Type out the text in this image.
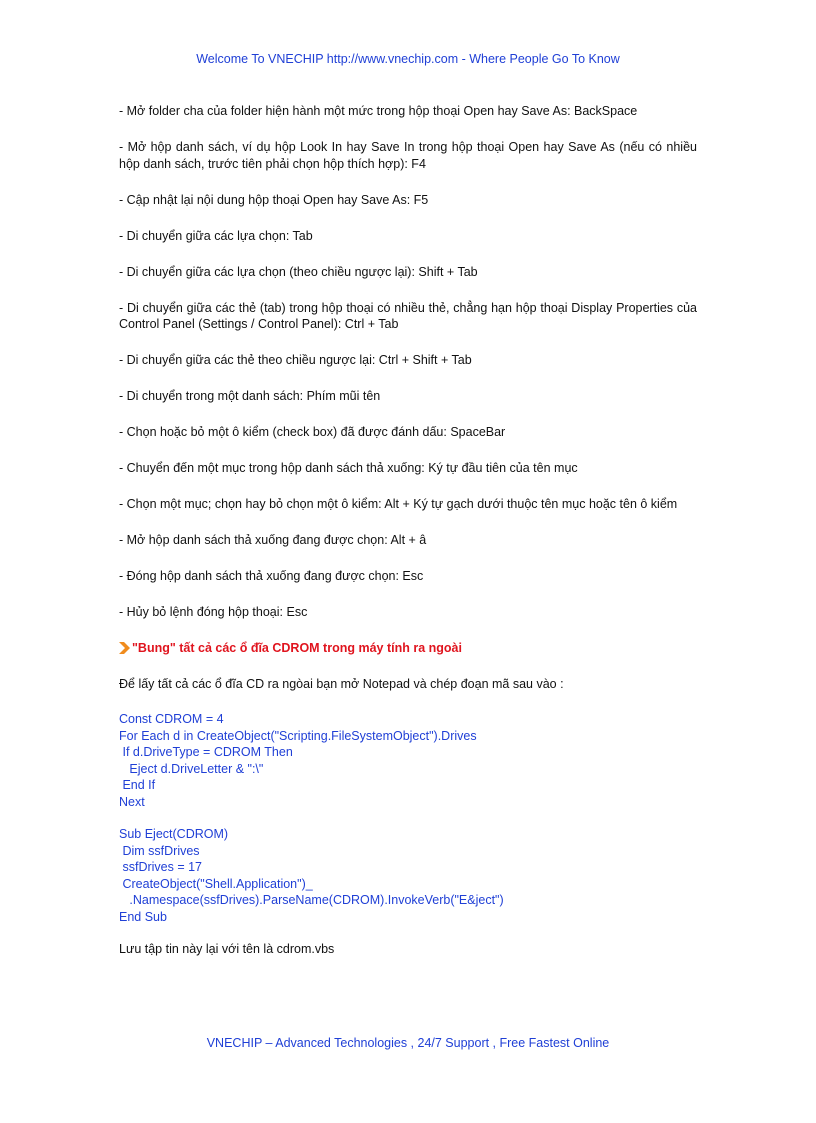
Welcome To VNECHIP http://www.vnechip.com - Where People Go To Know

- Mở folder cha của folder hiện hành một mức trong hộp thoại Open hay Save As: BackSpace

- Mở hộp danh sách, ví dụ hộp Look In hay Save In trong hộp thoại Open hay Save As (nếu có nhiều hộp danh sách, trước tiên phải chọn hộp thích hợp): F4

- Cập nhật lại nội dung hộp thoại Open hay Save As: F5

- Di chuyển giữa các lựa chọn: Tab

- Di chuyển giữa các lựa chọn (theo chiều ngược lại): Shift + Tab

- Di chuyển giữa các thẻ (tab) trong hộp thoại có nhiều thẻ, chẳng hạn hộp thoại Display Properties của Control Panel (Settings / Control Panel): Ctrl + Tab

- Di chuyển giữa các thẻ theo chiều ngược lại: Ctrl + Shift + Tab

- Di chuyển trong một danh sách: Phím mũi tên

- Chọn hoặc bỏ một ô kiểm (check box) đã được đánh dấu: SpaceBar

- Chuyển đến một mục trong hộp danh sách thả xuống: Ký tự đầu tiên của tên mục

- Chọn một mục; chọn hay bỏ chọn một ô kiểm: Alt + Ký tự gạch dưới thuộc tên mục hoặc tên ô kiểm

- Mở hộp danh sách thả xuống đang được chọn: Alt + â

- Đóng hộp danh sách thả xuống đang được chọn: Esc

- Hủy bỏ lệnh đóng hộp thoại: Esc

"Bung" tất cả các ổ đĩa CDROM trong máy tính ra ngoài

Để lấy tất cả các ổ đĩa CD ra ngòai bạn mở Notepad và chép đoạn mã sau vào :

Const CDROM = 4
For Each d in CreateObject("Scripting.FileSystemObject").Drives
If d.DriveType = CDROM Then
Eject d.DriveLetter & ":\"
End If
Next
Sub Eject(CDROM)
Dim ssfDrives
ssfDrives = 17
CreateObject("Shell.Application")_
.Namespace(ssfDrives).ParseName(CDROM).InvokeVerb("E&ject")
End Sub

Lưu tập tin này lại với tên là cdrom.vbs

VNECHIP – Advanced Technologies , 24/7 Support , Free Fastest Online
